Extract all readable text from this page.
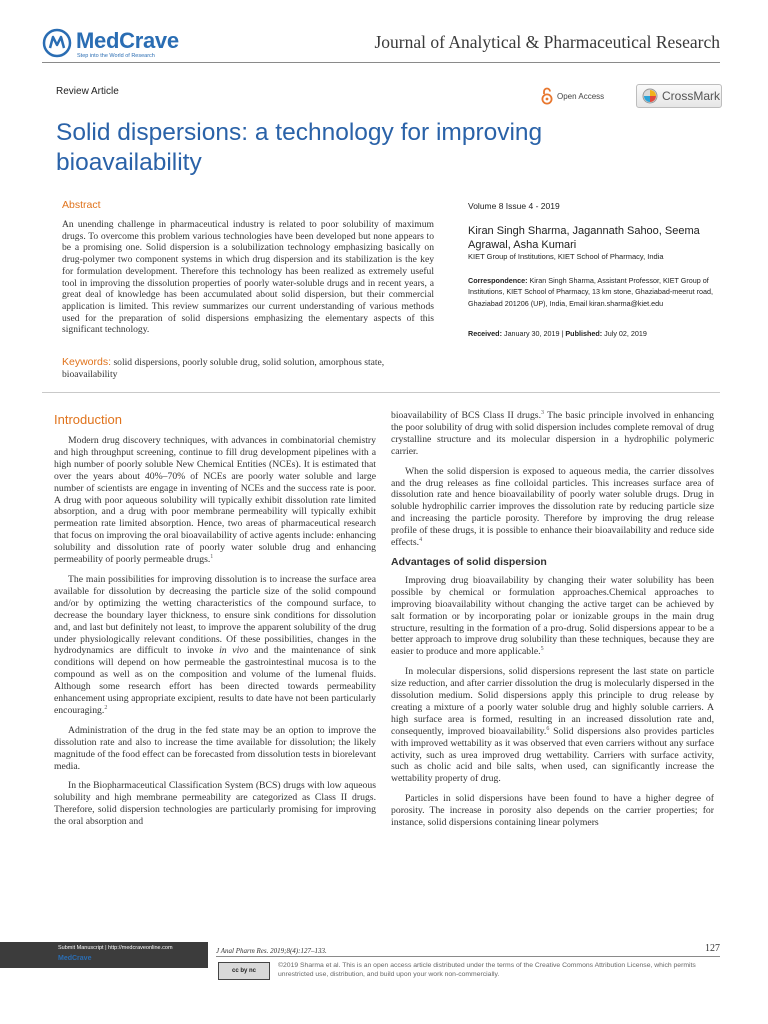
MedCrave
Step into the World of Research
Journal of Analytical & Pharmaceutical Research
Review Article	Open Access	CrossMark
Solid dispersions: a technology for improving bioavailability
Abstract
An unending challenge in pharmaceutical industry is related to poor solubility of maximum drugs. To overcome this problem various technologies have been developed but none appears to be a promising one. Solid dispersion is a solubilization technology emphasizing basically on drug-polymer two component systems in which drug dispersion and its stabilization is the key for formulation development. Therefore this technology has been realized as extremely useful tool in improving the dissolution properties of poorly water-soluble drugs and in recent years, a great deal of knowledge has been accumulated about solid dispersion, but their commercial application is limited. This review summarizes our current understanding of various methods used for the preparation of solid dispersions emphasizing the elementary aspects of this significant technology.
Keywords: solid dispersions, poorly soluble drug, solid solution, amorphous state, bioavailability
Volume 8 Issue 4 - 2019
Kiran Singh Sharma, Jagannath Sahoo, Seema Agrawal, Asha Kumari
KIET Group of Institutions, KIET School of Pharmacy, India
Correspondence: Kiran Singh Sharma, Assistant Professor, KIET Group of Institutions, KIET School of Pharmacy, 13 km stone, Ghaziabad-meerut road, Ghaziabad 201206 (UP), India, Email kiran.sharma@kiet.edu
Received: January 30, 2019 | Published: July 02, 2019
Introduction

Modern drug discovery techniques, with advances in combinatorial chemistry and high throughput screening, continue to fill drug development pipelines with a high number of poorly soluble New Chemical Entities (NCEs). It is estimated that over the years about 40%–70% of NCEs are poorly water soluble and large number of scientists are engage in inventing of NCEs and the success rate is poor. A drug with poor aqueous solubility will typically exhibit dissolution rate limited absorption, and a drug with poor membrane permeability will typically exhibit permeation rate limited absorption. Hence, two areas of pharmaceutical research that focus on improving the oral bioavailability of active agents include: enhancing solubility and dissolution rate of poorly water soluble drug and enhancing permeability of poorly permeable drugs.$^1$

The main possibilities for improving dissolution is to increase the surface area available for dissolution by decreasing the particle size of the solid compound and/or by optimizing the wetting characteristics of the compound surface, to decrease the boundary layer thickness, to ensure sink conditions for dissolution and, and last but definitely not least, to improve the apparent solubility of the drug under physiologically relevant conditions. Of these possibilities, changes in the hydrodynamics are difficult to invoke in vivo and the maintenance of sink conditions will depend on how permeable the gastrointestinal mucosa is to the compound as well as on the composition and volume of the lumenal fluids. Although some research effort has been directed towards permeability enhancement using appropriate excipient, results to date have not been particularly encouraging.$^2$

Administration of the drug in the fed state may be an option to improve the dissolution rate and also to increase the time available for dissolution; the likely magnitude of the food effect can be forecasted from dissolution tests in biorelevant media.

In the Biopharmaceutical Classification System (BCS) drugs with low aqueous solubility and high membrane permeability are categorized as Class II drugs. Therefore, solid dispersion technologies are particularly promising for improving the oral absorption and

bioavailability of BCS Class II drugs.$^3$ The basic principle involved in enhancing the poor solubility of drug with solid dispersion includes complete removal of drug crystalline structure and its molecular dispersion in a hydrophilic polymeric carrier.

When the solid dispersion is exposed to aqueous media, the carrier dissolves and the drug releases as fine colloidal particles. This increases surface area of dissolution rate and hence bioavailability of poorly water soluble drugs. Drug in soluble hydrophilic carrier improves the dissolution rate by reducing particle size and increasing the particle porosity. Therefore by improving the drug release profile of these drugs, it is possible to enhance their bioavailability and reduce side effects.$^4$

Advantages of solid dispersion

Improving drug bioavailability by changing their water solubility has been possible by chemical or formulation approaches.Chemical approaches to improving bioavailability without changing the active target can be achieved by salt formation or by incorporating polar or ionizable groups in the main drug structure, resulting in the formation of a pro-drug. Solid dispersions appear to be a better approach to improve drug solubility than these techniques, because they are easier to produce and more applicable.$^5$

In molecular dispersions, solid dispersions represent the last state on particle size reduction, and after carrier dissolution the drug is molecularly dispersed in the dissolution medium. Solid dispersions apply this principle to drug release by creating a mixture of a poorly water soluble drug and highly soluble carriers. A high surface area is formed, resulting in an increased dissolution rate and, consequently, improved bioavailability.$^6$ Solid dispersions also provides particles with improved wettability as it was observed that even carriers without any surface activity, such as urea improved drug wettability. Carriers with surface activity, such as cholic acid and bile salts, when used, can significantly increase the wettability property of drug.

Particles in solid dispersions have been found to have a higher degree of porosity. The increase in porosity also depends on the carrier properties; for instance, solid dispersions containing linear polymers

Submit Manuscript | http://medcraveonline.com
MedCrave
J Anal Pharm Res. 2019;8(4):127‒133.	127
cc by nc
©2019 Sharma et al. This is an open access article distributed under the terms of the Creative Commons Attribution License, which permits unrestricted use, distribution, and build upon your work non-commercially.
